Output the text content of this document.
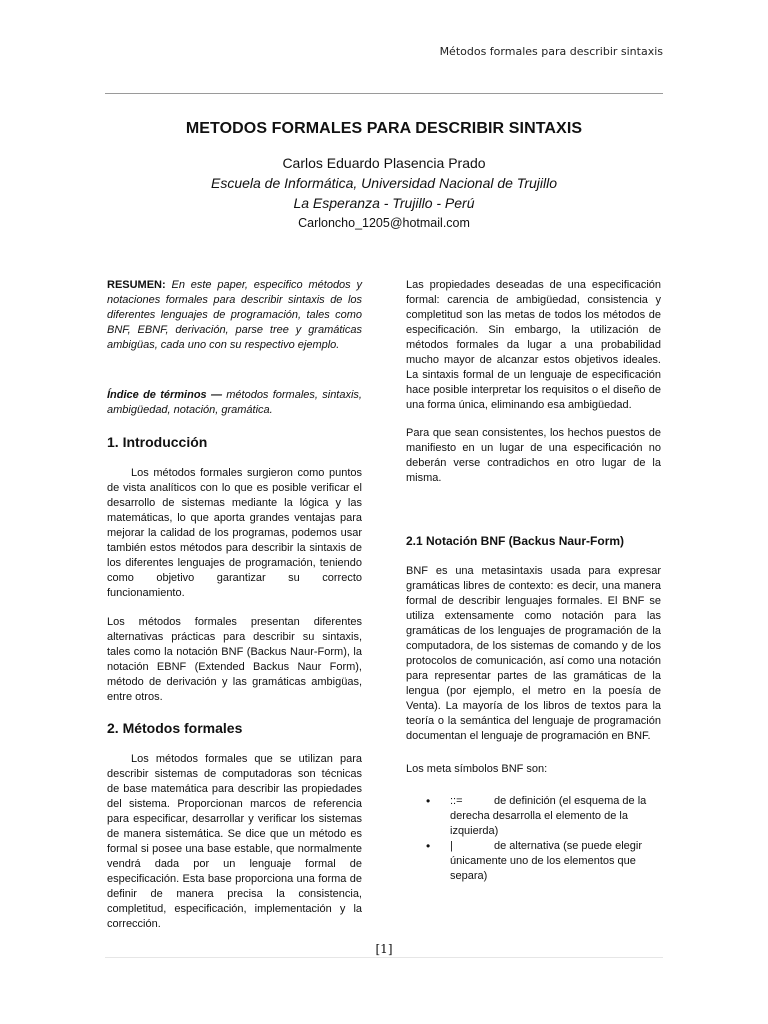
Métodos formales para describir sintaxis
METODOS FORMALES PARA DESCRIBIR SINTAXIS
Carlos Eduardo Plasencia Prado
Escuela de Informática, Universidad Nacional de Trujillo
La Esperanza - Trujillo - Perú
Carloncho_1205@hotmail.com

RESUMEN: En este paper, especifico métodos y notaciones formales para describir sintaxis de los diferentes lenguajes de programación, tales como BNF, EBNF, derivación, parse tree y gramáticas ambigüas, cada uno con su respectivo ejemplo.

Índice de términos — métodos formales, sintaxis, ambigüedad, notación, gramática.

1. Introducción

Los métodos formales surgieron como puntos de vista analíticos con lo que es posible verificar el desarrollo de sistemas mediante la lógica y las matemáticas, lo que aporta grandes ventajas para mejorar la calidad de los programas, podemos usar también estos métodos para describir la sintaxis de los diferentes lenguajes de programación, teniendo como objetivo garantizar su correcto funcionamiento.

Los métodos formales presentan diferentes alternativas prácticas para describir su sintaxis, tales como la notación BNF (Backus Naur-Form), la notación EBNF (Extended Backus Naur Form), método de derivación y las gramáticas ambigüas, entre otros.

2. Métodos formales

Los métodos formales que se utilizan para describir sistemas de computadoras son técnicas de base matemática para describir las propiedades del sistema. Proporcionan marcos de referencia para especificar, desarrollar y verificar los sistemas de manera sistemática. Se dice que un método es formal si posee una base estable, que normalmente vendrá dada por un lenguaje formal de especificación. Esta base proporciona una forma de definir de manera precisa la consistencia, completitud, especificación, implementación y la corrección.

Las propiedades deseadas de una especificación formal: carencia de ambigüedad, consistencia y completitud son las metas de todos los métodos de especificación. Sin embargo, la utilización de métodos formales da lugar a una probabilidad mucho mayor de alcanzar estos objetivos ideales. La sintaxis formal de un lenguaje de especificación hace posible interpretar los requisitos o el diseño de una forma única, eliminando esa ambigüedad.

Para que sean consistentes, los hechos puestos de manifiesto en un lugar de una especificación no deberán verse contradichos en otro lugar de la misma.

2.1 Notación BNF (Backus Naur-Form)

BNF es una metasintaxis usada para expresar gramáticas libres de contexto: es decir, una manera formal de describir lenguajes formales. El BNF se utiliza extensamente como notación para las gramáticas de los lenguajes de programación de la computadora, de los sistemas de comando y de los protocolos de comunicación, así como una notación para representar partes de las gramáticas de la lengua (por ejemplo, el metro en la poesía de Venta). La mayoría de los libros de textos para la teoría o la semántica del lenguaje de programación documentan el lenguaje de programación en BNF.

Los meta símbolos BNF son:

• ::=	de definición (el esquema de la derecha desarrolla el elemento de la izquierda)
• |	de alternativa (se puede elegir únicamente uno de los elementos que separa)
[1]
